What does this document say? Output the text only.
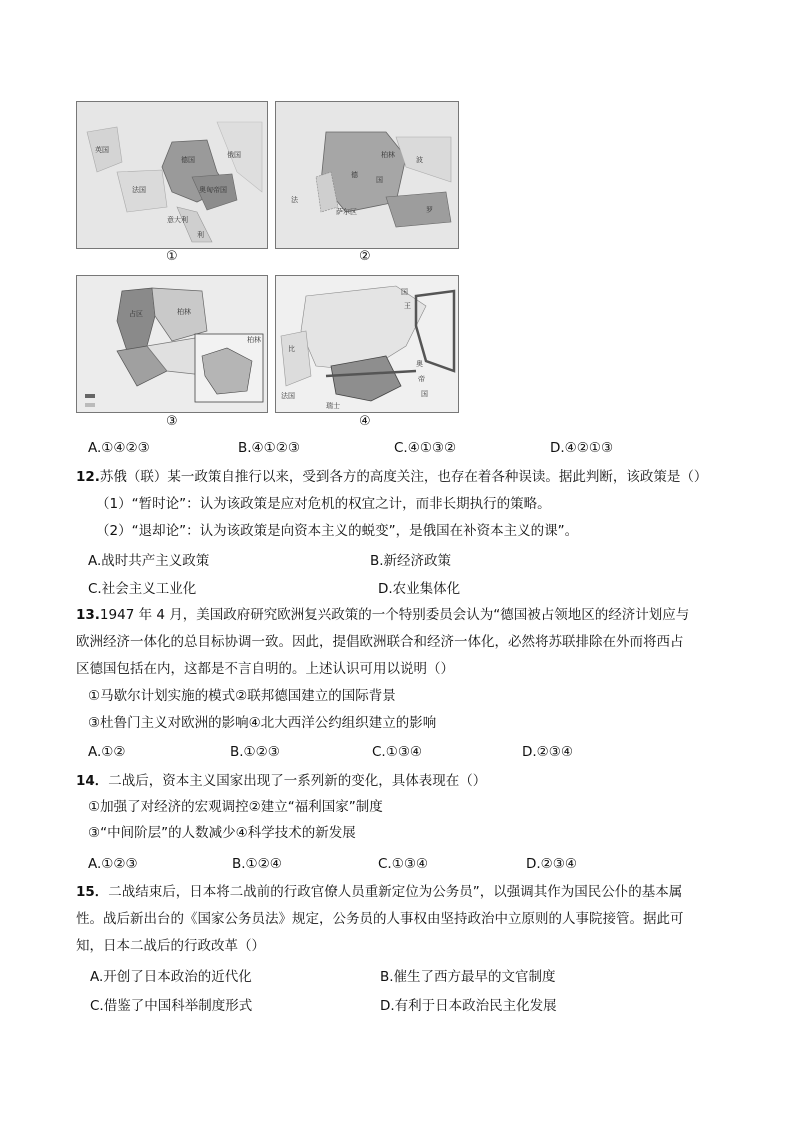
英国
德国
俄国
法国	奥匈帝国
意大利
利
柏林
德
法
波
罗
萨尔区
国
柏林
柏林
占区
王
国
奥
帝
国
比
法国
瑞士
①	②
③	④
A.①④②③	B.④①②③	C.④①③②	D.④②①③
12.苏俄（联）某一政策自推行以来，受到各方的高度关注，也存在着各种误读。据此判断，该政策是（）
（1）“暂时论”：认为该政策是应对危机的权宜之计，而非长期执行的策略。
（2）“退却论”：认为该政策是向资本主义的蜕变”，是俄国在补资本主义的课”。
A.战时共产主义政策	B.新经济政策
C.社会主义工业化	D.农业集体化
13.1947 年 4 月，美国政府研究欧洲复兴政策的一个特别委员会认为“德国被占领地区的经济计划应与
欧洲经济一体化的总目标协调一致。因此，提倡欧洲联合和经济一体化，必然将苏联排除在外而将西占
区德国包括在内，这都是不言自明的。上述认识可用以说明（）
①马歇尔计划实施的模式②联邦德国建立的国际背景
③杜鲁门主义对欧洲的影响④北大西洋公约组织建立的影响
A.①②	B.①②③	C.①③④	D.②③④
14．二战后，资本主义国家出现了一系列新的变化，具体表现在（）
①加强了对经济的宏观调控②建立“福利国家”制度
③“中间阶层”的人数减少④科学技术的新发展
A.①②③	B.①②④	C.①③④	D.②③④
15．二战结束后，日本将二战前的行政官僚人员重新定位为公务员”，以强调其作为国民公仆的基本属
性。战后新出台的《国家公务员法》规定，公务员的人事权由坚持政治中立原则的人事院接管。据此可
知，日本二战后的行政改革（）
A.开创了日本政治的近代化	B.催生了西方最早的文官制度
C.借鉴了中国科举制度形式	D.有利于日本政治民主化发展
